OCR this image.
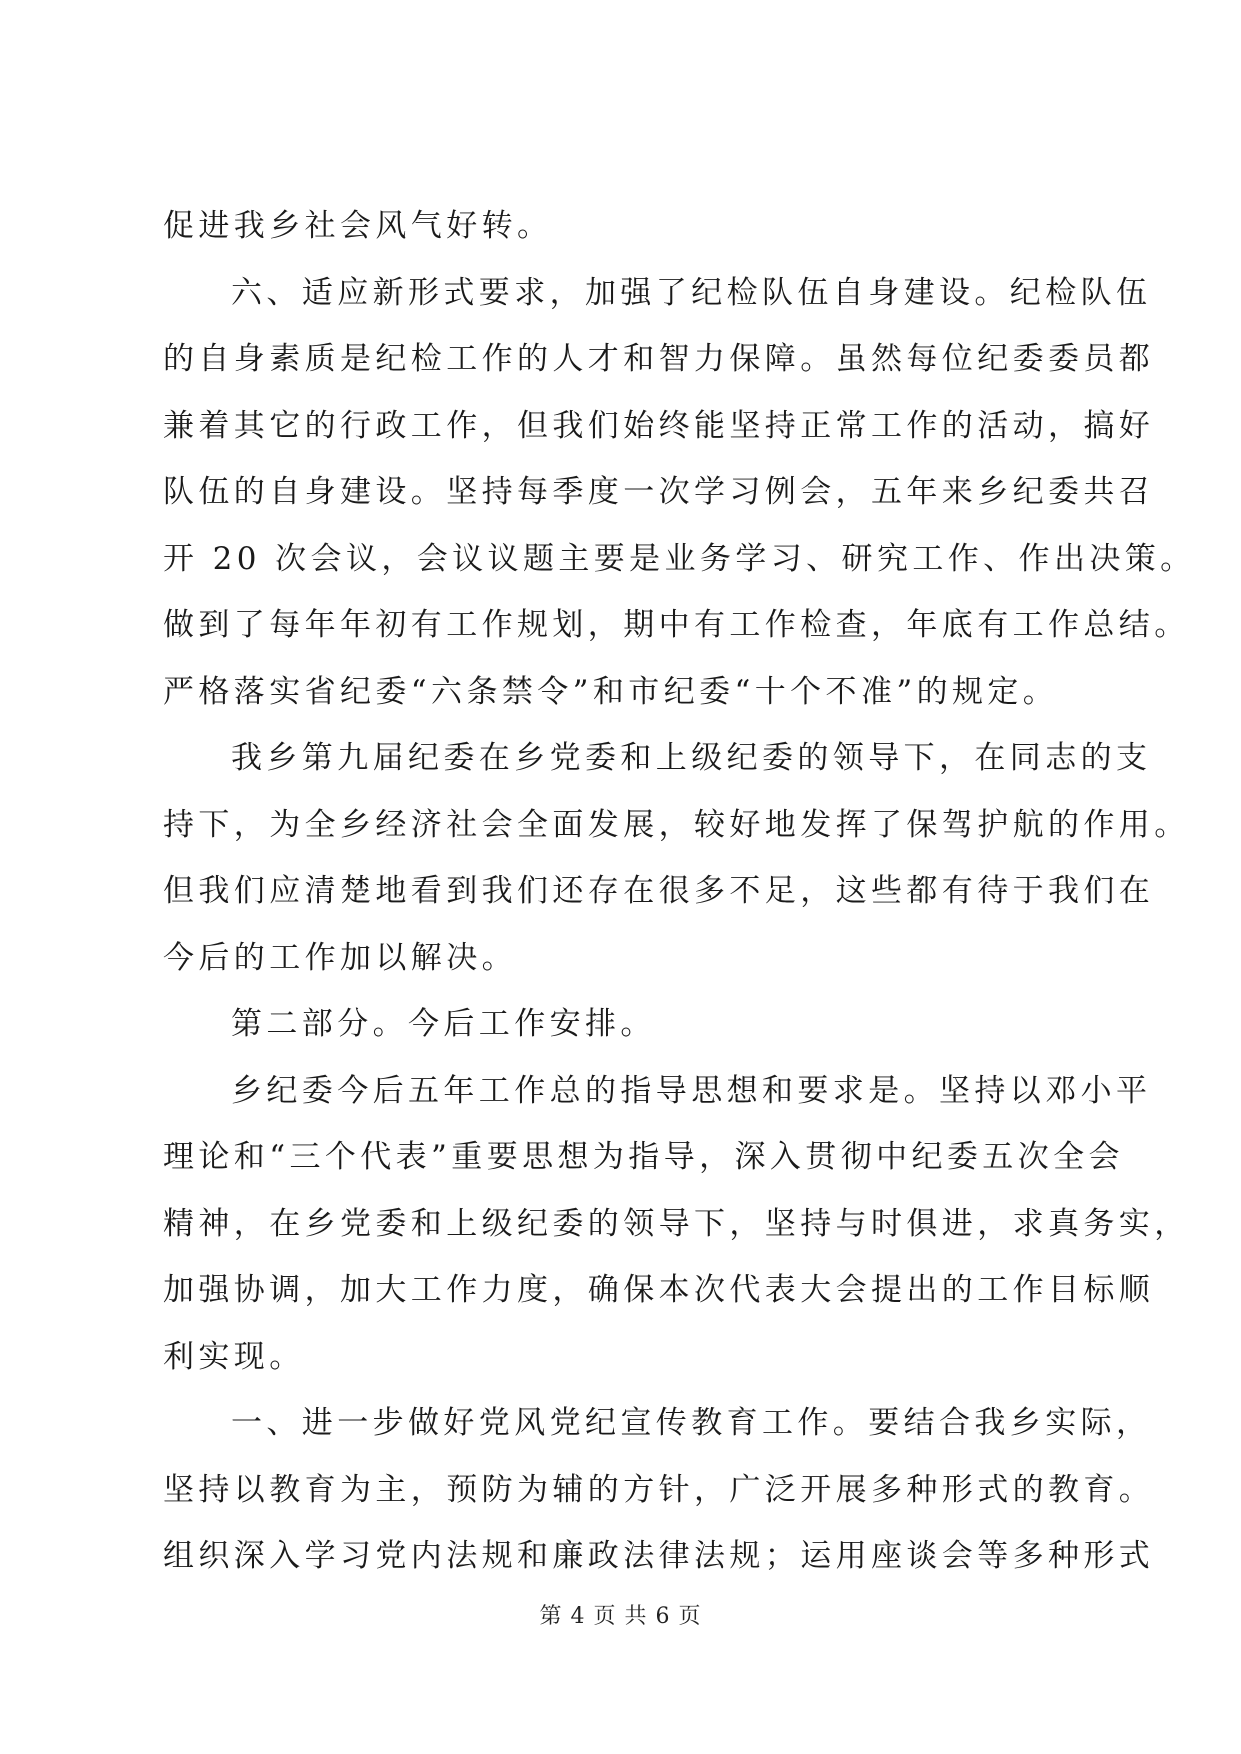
促进我乡社会风气好转。
六、适应新形式要求，加强了纪检队伍自身建设。纪检队伍
的自身素质是纪检工作的人才和智力保障。虽然每位纪委委员都
兼着其它的行政工作，但我们始终能坚持正常工作的活动，搞好
队伍的自身建设。坚持每季度一次学习例会，五年来乡纪委共召
开 20 次会议，会议议题主要是业务学习、研究工作、作出决策。
做到了每年年初有工作规划，期中有工作检查，年底有工作总结。
严格落实省纪委“六条禁令”和市纪委“十个不准”的规定。
我乡第九届纪委在乡党委和上级纪委的领导下，在同志的支
持下，为全乡经济社会全面发展，较好地发挥了保驾护航的作用。
但我们应清楚地看到我们还存在很多不足，这些都有待于我们在
今后的工作加以解决。
第二部分。今后工作安排。
乡纪委今后五年工作总的指导思想和要求是。坚持以邓小平
理论和“三个代表”重要思想为指导，深入贯彻中纪委五次全会
精神，在乡党委和上级纪委的领导下，坚持与时俱进，求真务实，
加强协调，加大工作力度，确保本次代表大会提出的工作目标顺
利实现。
一、进一步做好党风党纪宣传教育工作。要结合我乡实际，
坚持以教育为主，预防为辅的方针，广泛开展多种形式的教育。
组织深入学习党内法规和廉政法律法规；运用座谈会等多种形式
第 4 页 共 6 页
